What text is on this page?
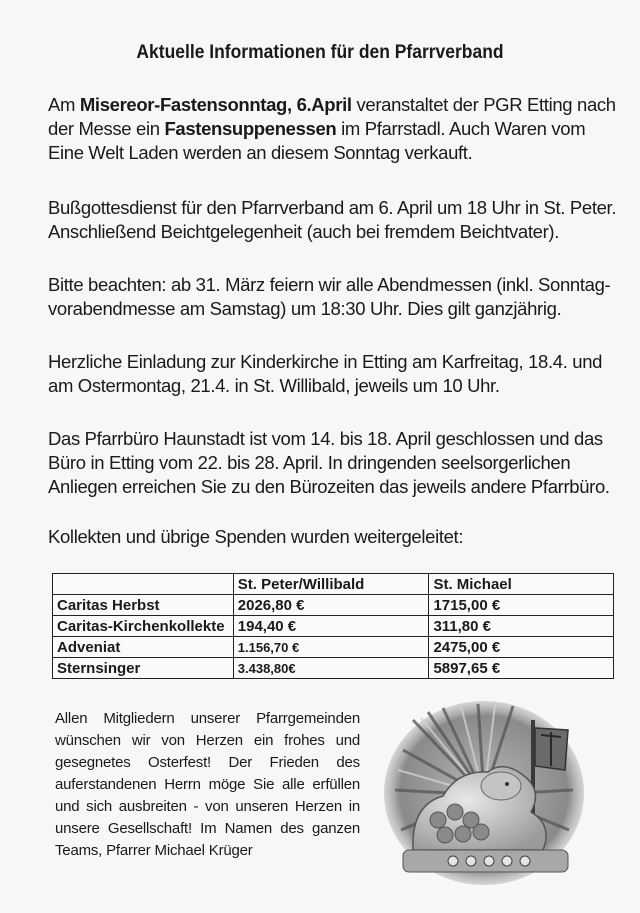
Aktuelle Informationen für den Pfarrverband
Am Misereor-Fastensonntag, 6.April veranstaltet der PGR Etting nach der Messe ein Fastensuppenessen im Pfarrstadl. Auch Waren vom Eine Welt Laden werden an diesem Sonntag verkauft.
Bußgottesdienst für den Pfarrverband am 6. April um 18 Uhr in St. Peter. Anschließend Beichtgelegenheit (auch bei fremdem Beichtvater).
Bitte beachten: ab 31. März feiern wir alle Abendmessen (inkl. Sonntag-vorabendmesse am Samstag) um 18:30 Uhr. Dies gilt ganzjährig.
Herzliche Einladung zur Kinderkirche in Etting am Karfreitag, 18.4. und am Ostermontag, 21.4. in St. Willibald, jeweils um 10 Uhr.
Das Pfarrbüro Haunstadt ist vom 14. bis 18. April geschlossen und das Büro in Etting vom 22. bis 28. April. In dringenden seelsorgerlichen Anliegen erreichen Sie zu den Bürozeiten das jeweils andere Pfarrbüro.
Kollekten und übrige Spenden wurden weitergeleitet:
	St. Peter/Willibald	St. Michael
Caritas Herbst	2026,80 €	1715,00 €
Caritas-Kirchenkollekte	194,40 €	311,80 €
Adveniat	1.156,70 €	2475,00 €
Sternsinger	3.438,80€	5897,65 €
Allen Mitgliedern unserer Pfarrgemeinden wünschen wir von Herzen ein frohes und gesegnetes Osterfest! Der Frieden des auferstandenen Herrn möge Sie alle erfüllen und sich ausbreiten - von unseren Herzen in unsere Gesellschaft! Im Namen des ganzen Teams, Pfarrer Michael Krüger
